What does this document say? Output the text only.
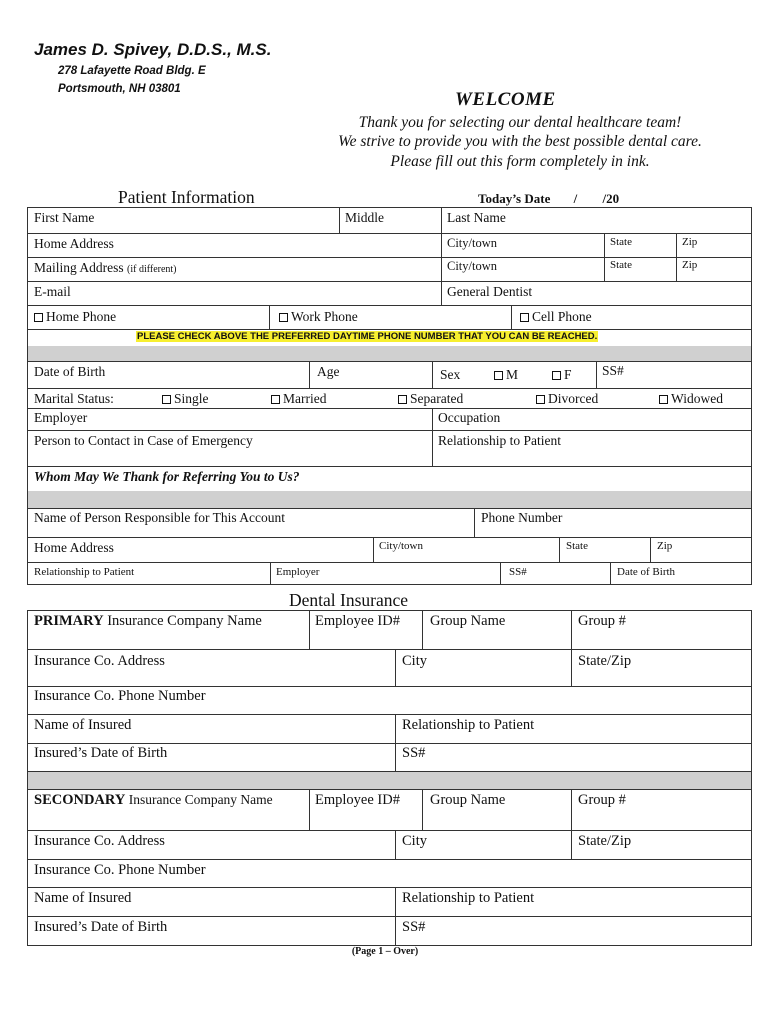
James D. Spivey, D.D.S., M.S.
278 Lafayette Road Bldg. E
Portsmouth, NH 03801	WELCOME
Thank you for selecting our dental healthcare team!
We strive to provide you with the best possible dental care.
Please fill out this form completely in ink.
Patient Information	Today’s Date / /20
First Name	Middle	Last Name
Home Address	City/town	State	Zip
Mailing Address (if different)	City/town	State	Zip
E-mail	General Dentist
Home Phone	Work Phone	Cell Phone
PLEASE CHECK ABOVE THE PREFERRED DAYTIME PHONE NUMBER THAT YOU CAN BE REACHED.
Date of Birth	Age	Sex	M	F SS#
Marital Status:	Single	Married	Separated	Divorced	Widowed
Employer	Occupation
Person to Contact in Case of Emergency	Relationship to Patient
Whom May We Thank for Referring You to Us?
Name of Person Responsible for This Account	Phone Number
Home Address	City/town	State	Zip
Relationship to Patient	Employer	SS#	Date of Birth
Dental Insurance
PRIMARY Insurance Company Name	Employee ID# Group Name	Group #
Insurance Co. Address	City	State/Zip
Insurance Co. Phone Number
Name of Insured	Relationship to Patient
Insured’s Date of Birth	SS#
SECONDARY Insurance Company Name	Employee ID# Group Name	Group #
Insurance Co. Address	City	State/Zip
Insurance Co. Phone Number
Name of Insured	Relationship to Patient
Insured’s Date of Birth	SS#
(Page 1 – Over)
